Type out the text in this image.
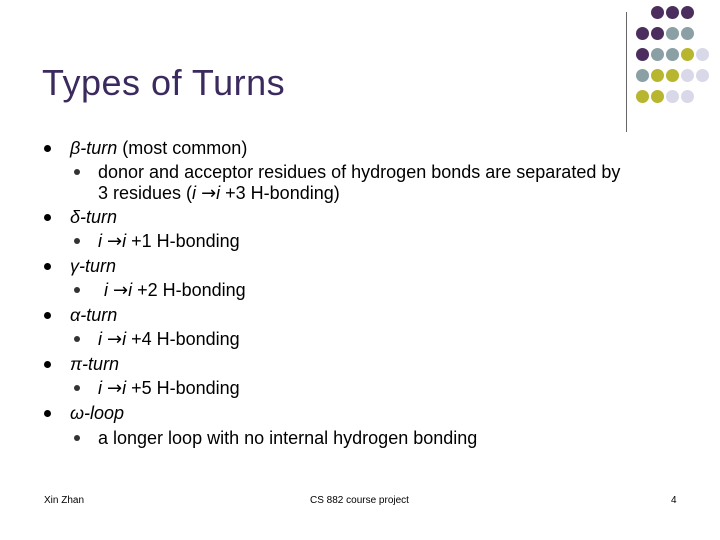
Types of Turns
β-turn (most common)
donor and acceptor residues of hydrogen bonds are separated by
3 residues (i →i +3 H-bonding)
δ-turn
i →i +1 H-bonding
γ-turn
i →i +2 H-bonding
α-turn
i →i +4 H-bonding
π-turn
i →i +5 H-bonding
ω-loop
a longer loop with no internal hydrogen bonding
Xin Zhan	CS 882 course project	4
